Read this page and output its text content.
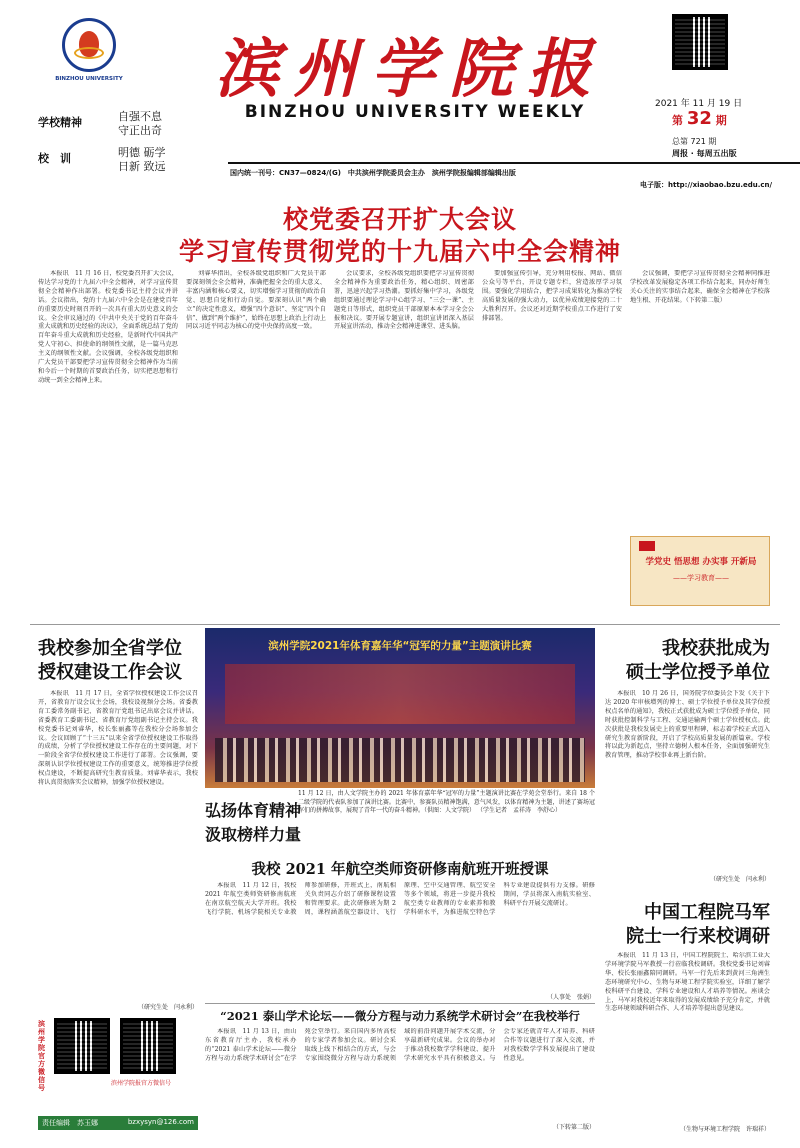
BINZHOU UNIVERSITY
学校精神	自强不息
守正出奇
校　训	明德 砺学
日新 致远
滨州学院报
BINZHOU UNIVERSITY WEEKLY	2021 年 11 月 19 日
第 32 期
总第 721 期
周报 · 每周五出版
国内统一刊号：CN37—0824/(G)　中共滨州学院委员会主办　滨州学院报编辑部编辑出版
电子版：http://xiaobao.bzu.edu.cn/
校党委召开扩大会议
学习宣传贯彻党的十九届六中全会精神

本报讯　11 月 16 日，校党委召开扩大会议，传达学习党的十九届六中全会精神，对学习宣传贯彻全会精神作出部署。校党委书记主持会议并讲话。会议指出，党的十九届六中全会是在建党百年的重要历史时刻召开的一次具有重大历史意义的会议。全会审议通过的《中共中央关于党的百年奋斗重大成就和历史经验的决议》，全面系统总结了党的百年奋斗重大成就和历史经验，是新时代中国共产党人守初心、担使命的纲领性文献，是一篇马克思主义的纲领性文献。会议强调，全校各级党组织和广大党员干部要把学习宣传贯彻全会精神作为当前和今后一个时期的首要政治任务，切实把思想和行动统一到全会精神上来。

刘睿华指出，全校各级党组织和广大党员干部要深刻领会全会精神，准确把握全会的重大意义、丰富内涵和核心要义，切实增强学习贯彻的政治自觉、思想自觉和行动自觉。要深刻认识“两个确立”的决定性意义，增强“四个意识”、坚定“四个自信”、做到“两个维护”，始终在思想上政治上行动上同以习近平同志为核心的党中央保持高度一致。

会议要求，全校各级党组织要把学习宣传贯彻全会精神作为重要政治任务，精心组织、周密部署，迅速兴起学习热潮。要抓好集中学习，各级党组织要通过理论学习中心组学习、“三会一课”、主题党日等形式，组织党员干部原原本本学习全会公报和决议。要开展专题宣讲，组织宣讲团深入基层开展宣讲活动，推动全会精神进课堂、进头脑。

要加强宣传引导，充分利用校报、网站、微信公众号等平台，开设专题专栏，营造浓厚学习氛围。要强化学用结合，把学习成果转化为推动学校高质量发展的强大动力，以优异成绩迎接党的二十大胜利召开。会议还对近期学校重点工作进行了安排部署。

会议强调，要把学习宣传贯彻全会精神同推进学校改革发展稳定各项工作结合起来，同办好师生关心关注的实事结合起来，确保全会精神在学校落地生根、开花结果。（下转第二版）

学党史 悟思想 办实事 开新局
——学习教育——
我校参加全省学位
授权建设工作会议

本报讯　11 月 17 日，全省学位授权建设工作会议召开，省教育厅设会议主会场，我校设视频分会场。省委教育工委常务副书记、省教育厅党组书记出席会议并讲话。省委教育工委副书记、省教育厅党组副书记主持会议。我校党委书记刘睿华，校长张丽鑫等在我校分会场参加会议。会议回顾了“十三五”以来全省学位授权建设工作取得的成绩，分析了学位授权建设工作存在的主要问题，对下一阶段全省学位授权建设工作进行了部署。会议强调，要深刻认识学位授权建设工作的重要意义，统筹推进学位授权点建设，不断提高研究生教育质量。刘睿华表示，我校将认真贯彻落实会议精神，加强学位授权建设。

（研究生处　闫永利）
滨州学院官方微信号
滨州学院报官方微信号
责任编辑　苏玉娜	bzxysyn@126.com
滨州学院2021年体育嘉年华“冠军的力量”主题演讲比赛
11 月 12 日，由人文学院主办的 2021 年体育嘉年华“冠军的力量”主题演讲比赛在学苑会堂举行。来自 18 个二级学院的代表队参加了演讲比赛。比赛中，参赛队员精神饱满，意气风发，以体育精神为主题，讲述了赛场冠军们的拼搏故事，展现了青年一代的奋斗精神。（供图：人文学院） （学生记者　孟祥涛　李舒心）
弘扬体育精神
汲取榜样力量
我校 2021 年航空类师资研修南航班开班授课

本报讯　11 月 12 日，我校 2021 年航空类师资研修南航班在南京航空航天大学开班。我校飞行学院、机场学院相关专业教师参加研修，开班式上，南航相关负责同志介绍了研修课程设置和管理要求。此次研修班为期 2 周，课程涵盖航空器设计、飞行原理、空中交通管理、航空安全等多个领域，将进一步提升我校航空类专业教师的专业素养和教学科研水平，为推进航空特色学科专业建设提供有力支撑。研修期间，学员将深入南航实验室、科研平台开展交流研讨。

（人事处　张娟）
“2021 泰山学术论坛——微分方程与动力系统学术研讨会”在我校举行

本报讯　11 月 13 日，由山东省教育厅主办，我校承办的“2021 泰山学术论坛——微分方程与动力系统学术研讨会”在学苑会堂举行。来自国内多所高校的专家学者参加会议。研讨会采取线上线下相结合的方式，与会专家围绕微分方程与动力系统领域的前沿问题开展学术交流，分享最新研究成果。会议的举办对于推动我校数学学科建设、提升学术研究水平具有积极意义。与会专家还就青年人才培养、科研合作等议题进行了深入交流，并对我校数学学科发展提出了建设性意见。

（下转第二版）
我校获批成为
硕士学位授予单位

本报讯　10 月 26 日，国务院学位委员会下发《关于下达 2020 年审核增列的博士、硕士学位授予单位及其学位授权点名单的通知》，我校正式获批成为硕士学位授予单位，同时获批控制科学与工程、交通运输两个硕士学位授权点。此次获批是我校发展史上的重要里程碑，标志着学校正式迈入研究生教育新阶段，开启了学校高质量发展的新篇章。学校将以此为新起点，坚持立德树人根本任务，全面加强研究生教育管理，推动学校事业再上新台阶。

（研究生处　闫永利）
中国工程院马军
院士一行来校调研

本报讯　11 月 13 日，中国工程院院士、哈尔滨工业大学环境学院马军教授一行莅临我校调研。我校党委书记刘睿华、校长张丽鑫陪同调研。马军一行先后来到黄河三角洲生态环境研究中心、生物与环境工程学院实验室，详细了解学校科研平台建设、学科专业建设和人才培养等情况。座谈会上，马军对我校近年来取得的发展成绩给予充分肯定，并就生态环境领域科研合作、人才培养等提出意见建议。

（生物与环境工程学院　许瑞祥）
